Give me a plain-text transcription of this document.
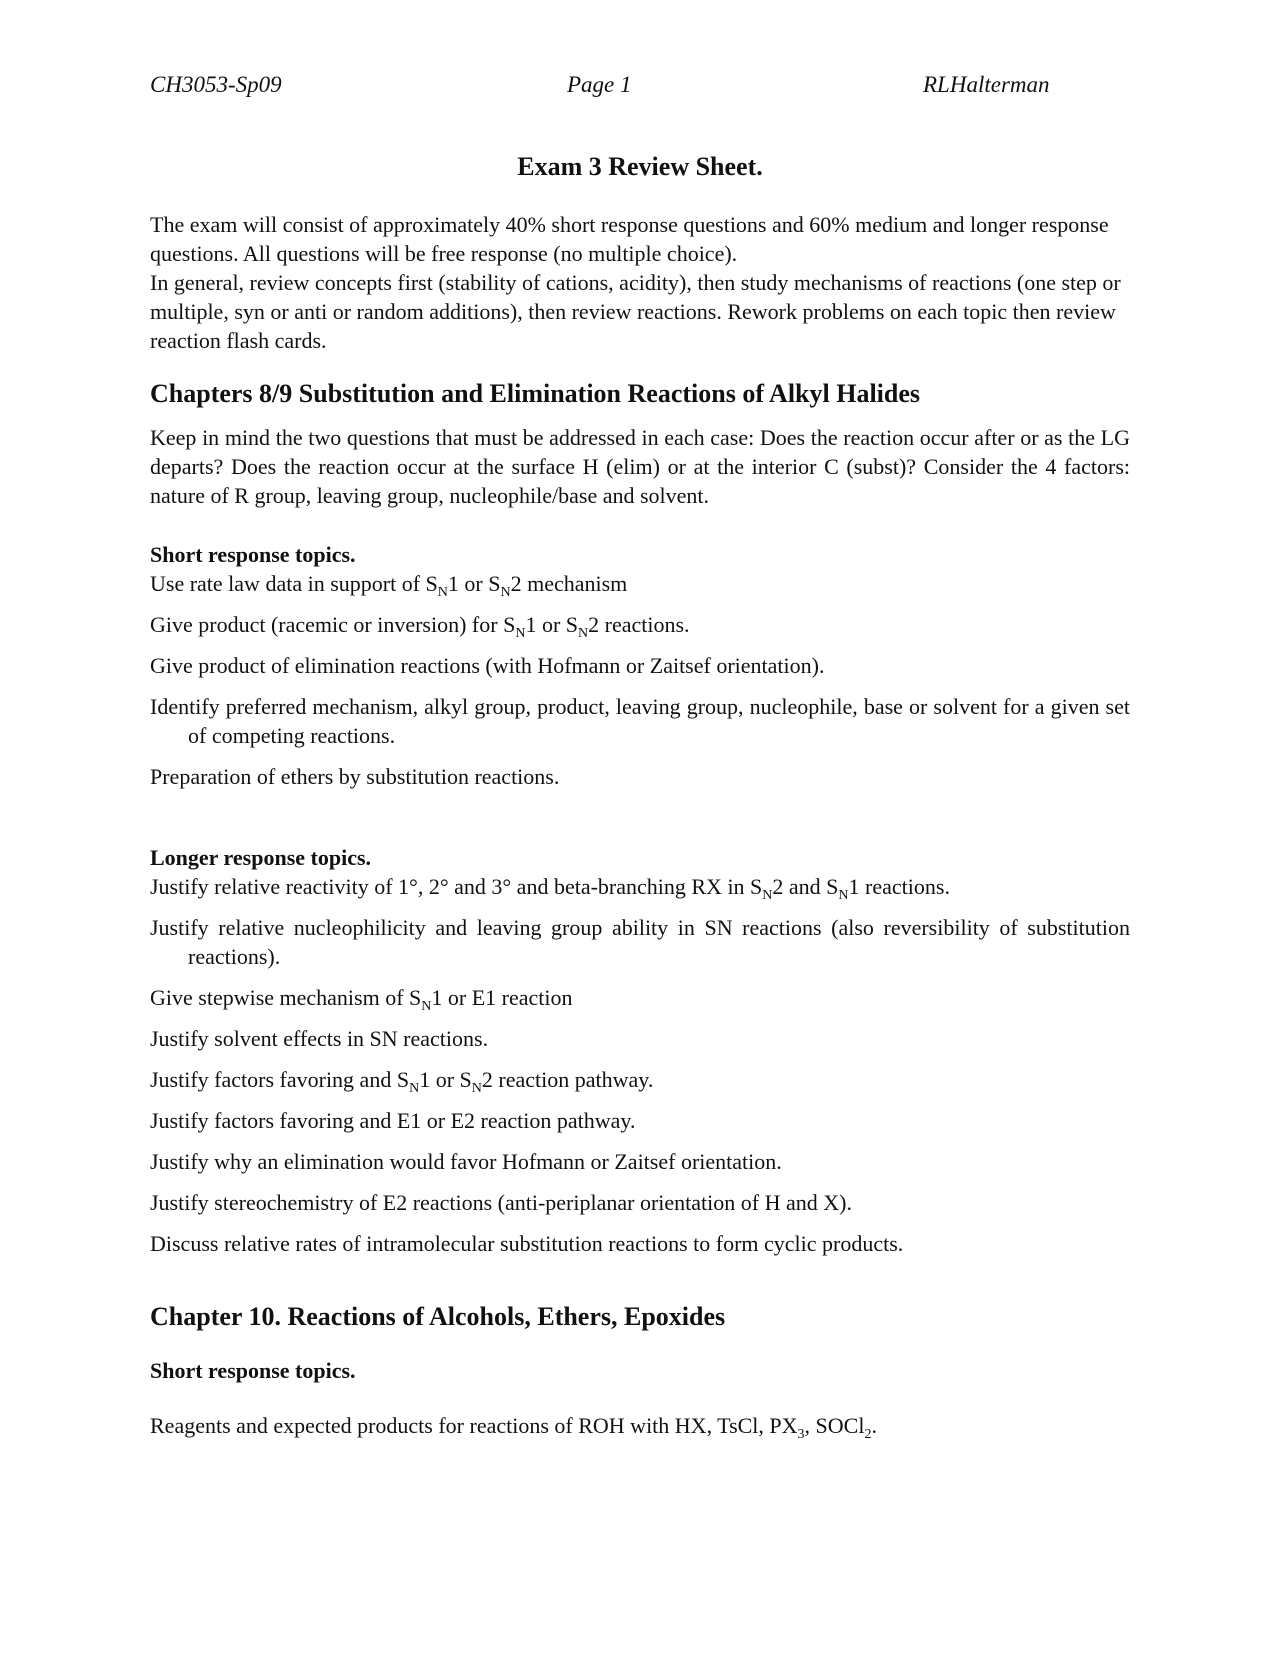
CH3053-Sp09	Page 1	RLHalterman
Exam 3 Review Sheet.

The exam will consist of approximately 40% short response questions and 60% medium and longer response questions. All questions will be free response (no multiple choice).

In general, review concepts first (stability of cations, acidity), then study mechanisms of reactions (one step or multiple, syn or anti or random additions), then review reactions. Rework problems on each topic then review reaction flash cards.

Chapters 8/9 Substitution and Elimination Reactions of Alkyl Halides

Keep in mind the two questions that must be addressed in each case: Does the reaction occur after or as the LG departs? Does the reaction occur at the surface H (elim) or at the interior C (subst)? Consider the 4 factors: nature of R group, leaving group, nucleophile/base and solvent.

Short response topics.
Use rate law data in support of $S_N1$ or $S_N2$ mechanism
Give product (racemic or inversion) for $S_N1$ or $S_N2$ reactions.
Give product of elimination reactions (with Hofmann or Zaitsef orientation).
Identify preferred mechanism, alkyl group, product, leaving group, nucleophile, base or solvent for a given set of competing reactions.
Preparation of ethers by substitution reactions.
Longer response topics.
Justify relative reactivity of 1°, 2° and 3° and beta-branching RX in $S_N2$ and $S_N1$ reactions.
Justify relative nucleophilicity and leaving group ability in SN reactions (also reversibility of substitution reactions).
Give stepwise mechanism of $S_N1$ or E1 reaction
Justify solvent effects in SN reactions.
Justify factors favoring and $S_N1$ or $S_N2$ reaction pathway.
Justify factors favoring and E1 or E2 reaction pathway.
Justify why an elimination would favor Hofmann or Zaitsef orientation.
Justify stereochemistry of E2 reactions (anti-periplanar orientation of H and X).
Discuss relative rates of intramolecular substitution reactions to form cyclic products.
Chapter 10. Reactions of Alcohols, Ethers, Epoxides
Short response topics.

Reagents and expected products for reactions of ROH with HX, TsCl, $PX_3$, SOCl$_2$.
